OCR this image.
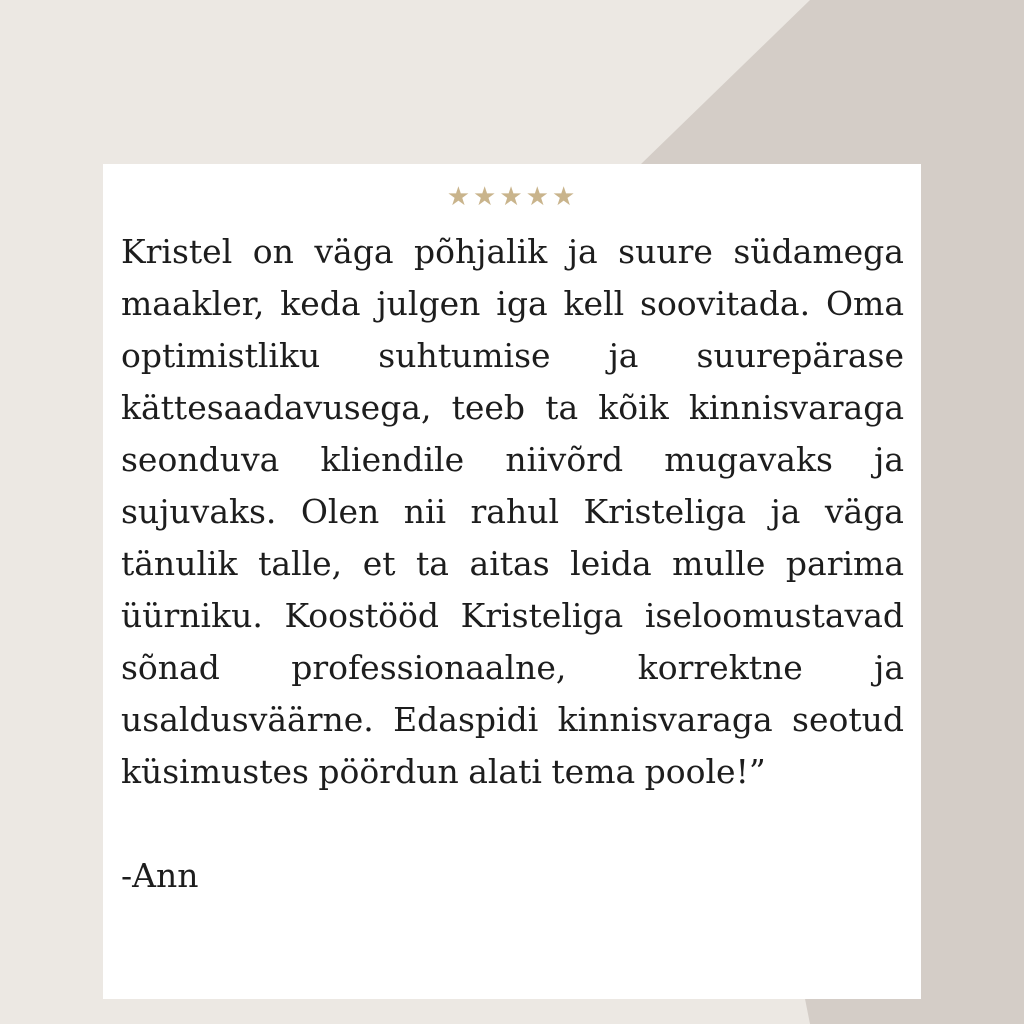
★★★★★

Kristel on väga põhjalik ja suure südamega maakler, keda julgen iga kell soovitada. Oma optimistliku suhtumise ja suurepärase kättesaadavusega, teeb ta kõik kinnisvaraga seonduva kliendile niivõrd mugavaks ja sujuvaks. Olen nii rahul Kristeliga ja väga tänulik talle, et ta aitas leida mulle parima üürniku. Koostööd Kristeliga iseloomustavad sõnad professionaalne, korrektne ja usaldusväärne. Edaspidi kinnisvaraga seotud küsimustes pöördun alati tema poole!”

-Ann
